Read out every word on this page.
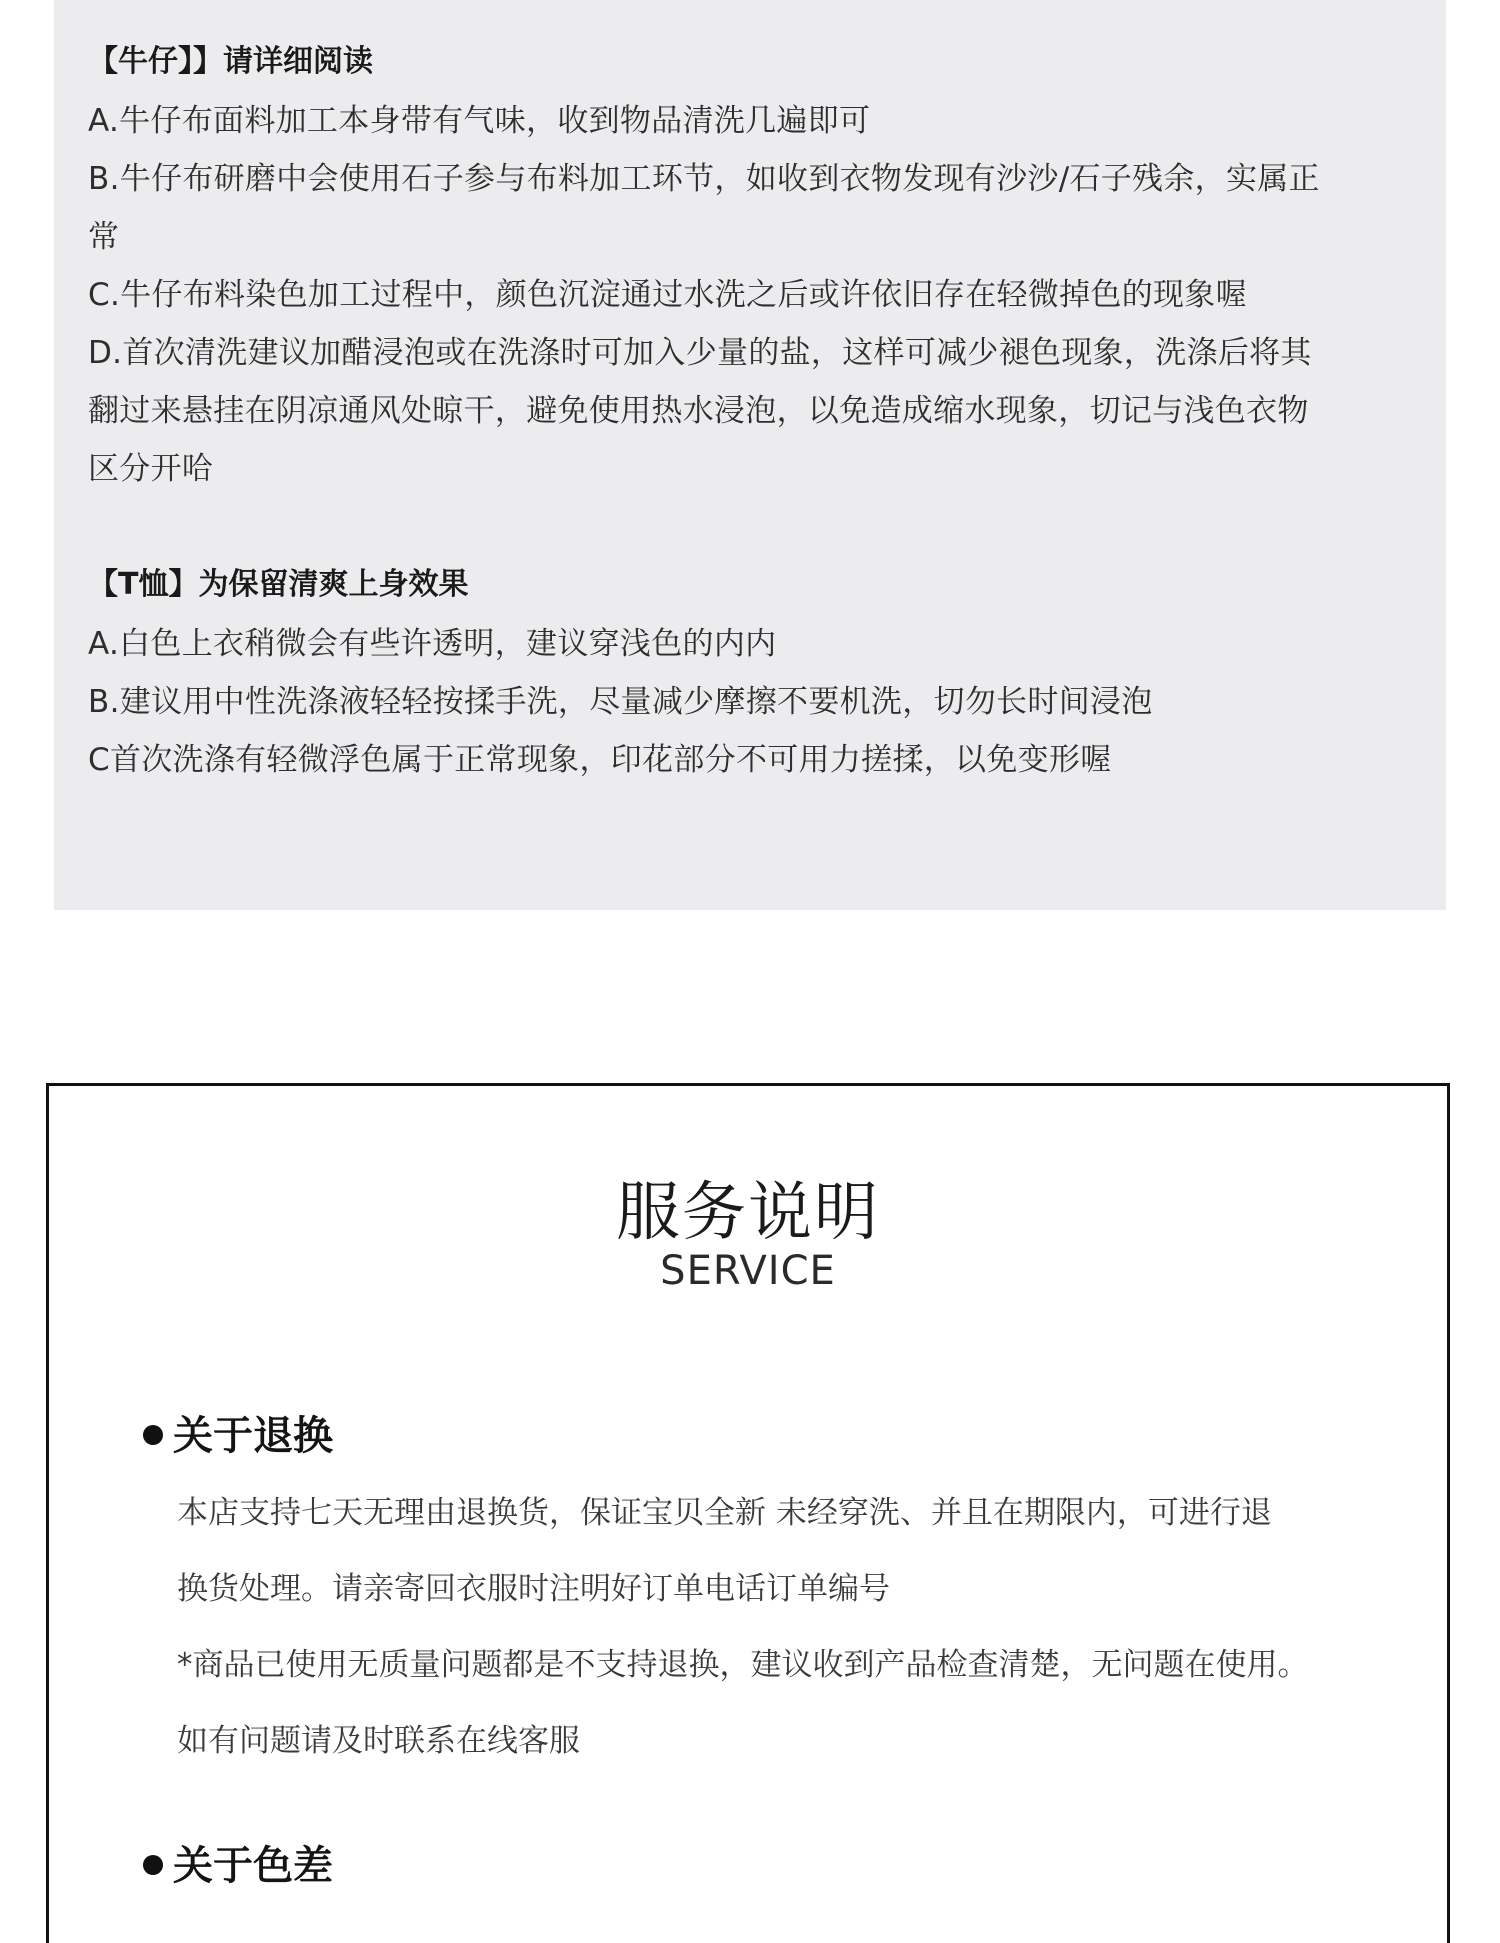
【牛仔】】请详细阅读
A.牛仔布面料加工本身带有气味，收到物品清洗几遍即可
B.牛仔布研磨中会使用石子参与布料加工环节，如收到衣物发现有沙沙/石子残余，实属正
常
C.牛仔布料染色加工过程中，颜色沉淀通过水洗之后或许依旧存在轻微掉色的现象喔
D.首次清洗建议加醋浸泡或在洗涤时可加入少量的盐，这样可减少褪色现象，洗涤后将其
翻过来悬挂在阴凉通风处晾干，避免使用热水浸泡，以免造成缩水现象，切记与浅色衣物
区分开哈
【T恤】为保留清爽上身效果
A.白色上衣稍微会有些许透明，建议穿浅色的内内
B.建议用中性洗涤液轻轻按揉手洗，尽量减少摩擦不要机洗，切勿长时间浸泡
C首次洗涤有轻微浮色属于正常现象，印花部分不可用力搓揉，以免变形喔
服务说明
SERVICE
关于退换
本店支持七天无理由退换货，保证宝贝全新 未经穿洗、并且在期限内，可进行退
换货处理。请亲寄回衣服时注明好订单电话订单编号
*商品已使用无质量问题都是不支持退换，建议收到产品检查清楚，无问题在使用。
如有问题请及时联系在线客服
关于色差
